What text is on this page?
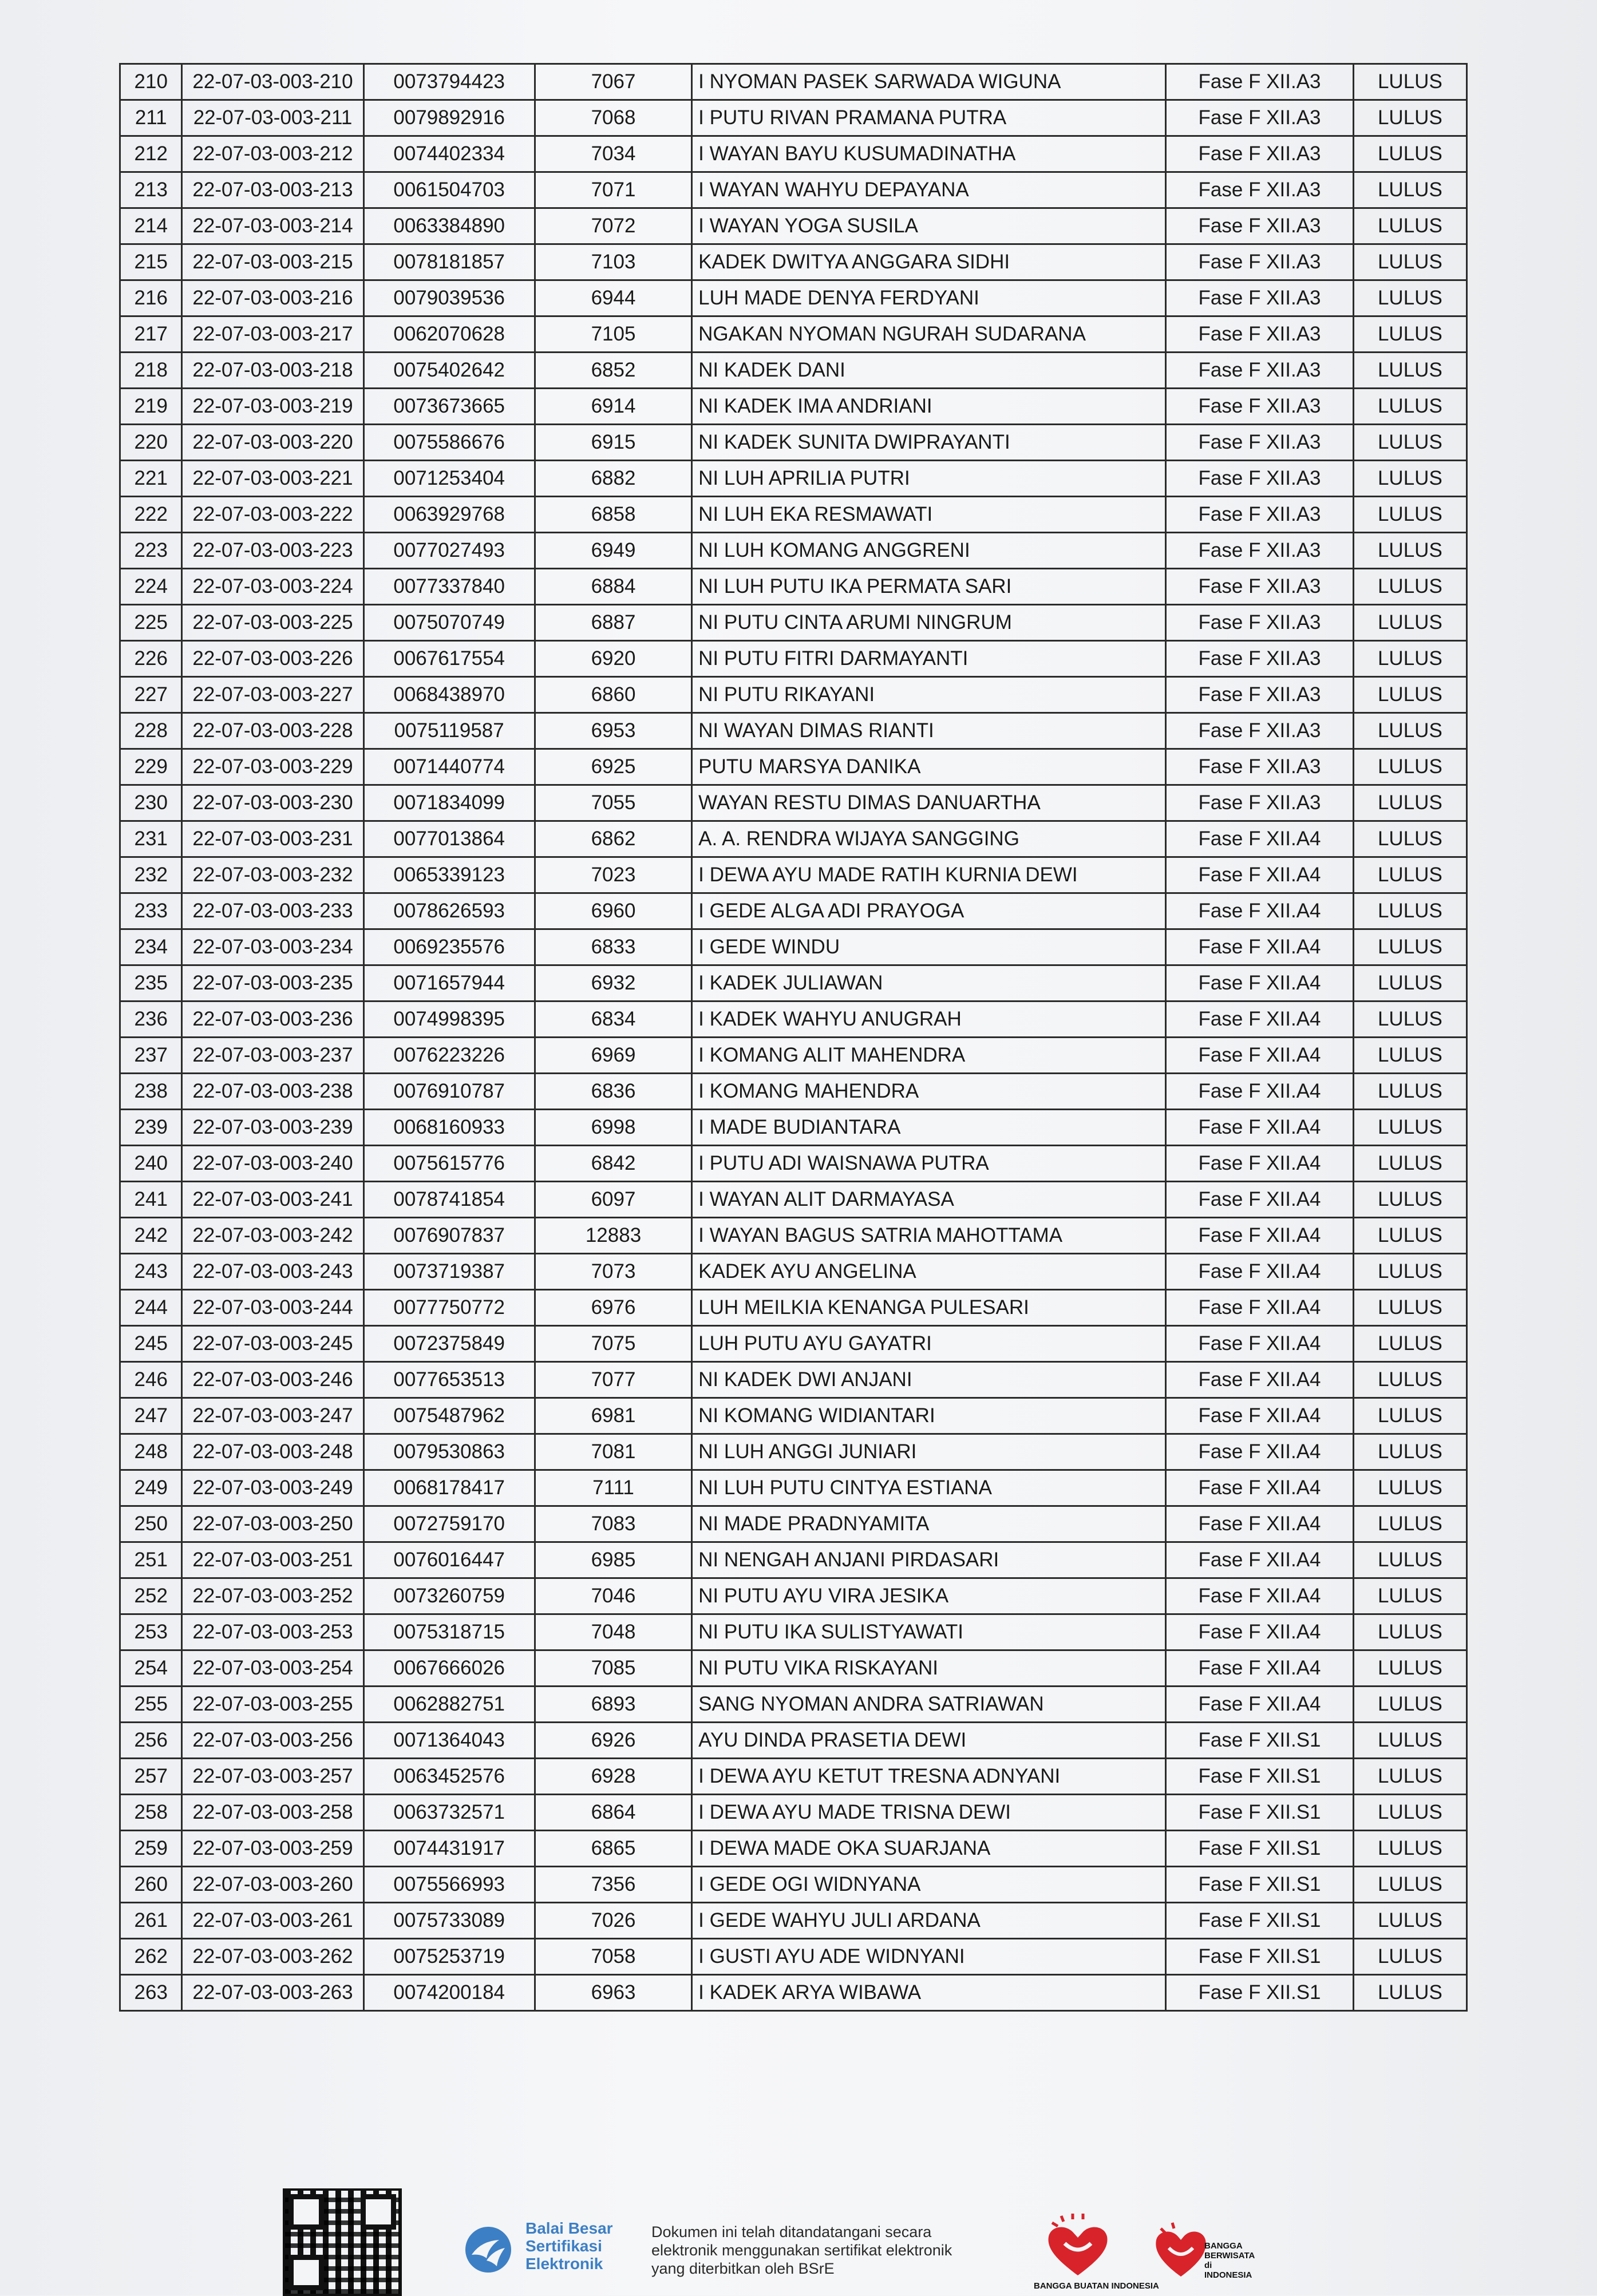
210	22-07-03-003-210	0073794423	7067	I NYOMAN PASEK SARWADA WIGUNA	Fase F XII.A3	LULUS
211	22-07-03-003-211	0079892916	7068	I PUTU RIVAN PRAMANA PUTRA	Fase F XII.A3	LULUS
212	22-07-03-003-212	0074402334	7034	I WAYAN BAYU KUSUMADINATHA	Fase F XII.A3	LULUS
213	22-07-03-003-213	0061504703	7071	I WAYAN WAHYU DEPAYANA	Fase F XII.A3	LULUS
214	22-07-03-003-214	0063384890	7072	I WAYAN YOGA SUSILA	Fase F XII.A3	LULUS
215	22-07-03-003-215	0078181857	7103	KADEK DWITYA ANGGARA SIDHI	Fase F XII.A3	LULUS
216	22-07-03-003-216	0079039536	6944	LUH MADE DENYA FERDYANI	Fase F XII.A3	LULUS
217	22-07-03-003-217	0062070628	7105	NGAKAN NYOMAN NGURAH SUDARANA	Fase F XII.A3	LULUS
218	22-07-03-003-218	0075402642	6852	NI KADEK DANI	Fase F XII.A3	LULUS
219	22-07-03-003-219	0073673665	6914	NI KADEK IMA ANDRIANI	Fase F XII.A3	LULUS
220	22-07-03-003-220	0075586676	6915	NI KADEK SUNITA DWIPRAYANTI	Fase F XII.A3	LULUS
221	22-07-03-003-221	0071253404	6882	NI LUH APRILIA PUTRI	Fase F XII.A3	LULUS
222	22-07-03-003-222	0063929768	6858	NI LUH EKA RESMAWATI	Fase F XII.A3	LULUS
223	22-07-03-003-223	0077027493	6949	NI LUH KOMANG ANGGRENI	Fase F XII.A3	LULUS
224	22-07-03-003-224	0077337840	6884	NI LUH PUTU IKA PERMATA SARI	Fase F XII.A3	LULUS
225	22-07-03-003-225	0075070749	6887	NI PUTU CINTA ARUMI NINGRUM	Fase F XII.A3	LULUS
226	22-07-03-003-226	0067617554	6920	NI PUTU FITRI DARMAYANTI	Fase F XII.A3	LULUS
227	22-07-03-003-227	0068438970	6860	NI PUTU RIKAYANI	Fase F XII.A3	LULUS
228	22-07-03-003-228	0075119587	6953	NI WAYAN DIMAS RIANTI	Fase F XII.A3	LULUS
229	22-07-03-003-229	0071440774	6925	PUTU MARSYA DANIKA	Fase F XII.A3	LULUS
230	22-07-03-003-230	0071834099	7055	WAYAN RESTU DIMAS DANUARTHA	Fase F XII.A3	LULUS
231	22-07-03-003-231	0077013864	6862	A. A. RENDRA WIJAYA SANGGING	Fase F XII.A4	LULUS
232	22-07-03-003-232	0065339123	7023	I DEWA AYU MADE RATIH KURNIA DEWI	Fase F XII.A4	LULUS
233	22-07-03-003-233	0078626593	6960	I GEDE ALGA ADI PRAYOGA	Fase F XII.A4	LULUS
234	22-07-03-003-234	0069235576	6833	I GEDE WINDU	Fase F XII.A4	LULUS
235	22-07-03-003-235	0071657944	6932	I KADEK JULIAWAN	Fase F XII.A4	LULUS
236	22-07-03-003-236	0074998395	6834	I KADEK WAHYU ANUGRAH	Fase F XII.A4	LULUS
237	22-07-03-003-237	0076223226	6969	I KOMANG ALIT MAHENDRA	Fase F XII.A4	LULUS
238	22-07-03-003-238	0076910787	6836	I KOMANG MAHENDRA	Fase F XII.A4	LULUS
239	22-07-03-003-239	0068160933	6998	I MADE BUDIANTARA	Fase F XII.A4	LULUS
240	22-07-03-003-240	0075615776	6842	I PUTU ADI WAISNAWA PUTRA	Fase F XII.A4	LULUS
241	22-07-03-003-241	0078741854	6097	I WAYAN ALIT DARMAYASA	Fase F XII.A4	LULUS
242	22-07-03-003-242	0076907837	12883	I WAYAN BAGUS SATRIA MAHOTTAMA	Fase F XII.A4	LULUS
243	22-07-03-003-243	0073719387	7073	KADEK AYU ANGELINA	Fase F XII.A4	LULUS
244	22-07-03-003-244	0077750772	6976	LUH MEILKIA KENANGA PULESARI	Fase F XII.A4	LULUS
245	22-07-03-003-245	0072375849	7075	LUH PUTU AYU GAYATRI	Fase F XII.A4	LULUS
246	22-07-03-003-246	0077653513	7077	NI KADEK DWI ANJANI	Fase F XII.A4	LULUS
247	22-07-03-003-247	0075487962	6981	NI KOMANG WIDIANTARI	Fase F XII.A4	LULUS
248	22-07-03-003-248	0079530863	7081	NI LUH ANGGI JUNIARI	Fase F XII.A4	LULUS
249	22-07-03-003-249	0068178417	7111	NI LUH PUTU CINTYA ESTIANA	Fase F XII.A4	LULUS
250	22-07-03-003-250	0072759170	7083	NI MADE PRADNYAMITA	Fase F XII.A4	LULUS
251	22-07-03-003-251	0076016447	6985	NI NENGAH ANJANI PIRDASARI	Fase F XII.A4	LULUS
252	22-07-03-003-252	0073260759	7046	NI PUTU AYU VIRA JESIKA	Fase F XII.A4	LULUS
253	22-07-03-003-253	0075318715	7048	NI PUTU IKA SULISTYAWATI	Fase F XII.A4	LULUS
254	22-07-03-003-254	0067666026	7085	NI PUTU VIKA RISKAYANI	Fase F XII.A4	LULUS
255	22-07-03-003-255	0062882751	6893	SANG NYOMAN ANDRA SATRIAWAN	Fase F XII.A4	LULUS
256	22-07-03-003-256	0071364043	6926	AYU DINDA PRASETIA DEWI	Fase F XII.S1	LULUS
257	22-07-03-003-257	0063452576	6928	I DEWA AYU KETUT TRESNA ADNYANI	Fase F XII.S1	LULUS
258	22-07-03-003-258	0063732571	6864	I DEWA AYU MADE TRISNA DEWI	Fase F XII.S1	LULUS
259	22-07-03-003-259	0074431917	6865	I DEWA MADE OKA SUARJANA	Fase F XII.S1	LULUS
260	22-07-03-003-260	0075566993	7356	I GEDE OGI WIDNYANA	Fase F XII.S1	LULUS
261	22-07-03-003-261	0075733089	7026	I GEDE WAHYU JULI ARDANA	Fase F XII.S1	LULUS
262	22-07-03-003-262	0075253719	7058	I GUSTI AYU ADE WIDNYANI	Fase F XII.S1	LULUS
263	22-07-03-003-263	0074200184	6963	I KADEK ARYA WIBAWA	Fase F XII.S1	LULUS
Balai Besar
Sertifikasi
Elektronik
Dokumen ini telah ditandatangani secara
elektronik menggunakan sertifikat elektronik
yang diterbitkan oleh BSrE
BANGGA BERWISATA di INDONESIA
BANGGA BUATAN INDONESIA
